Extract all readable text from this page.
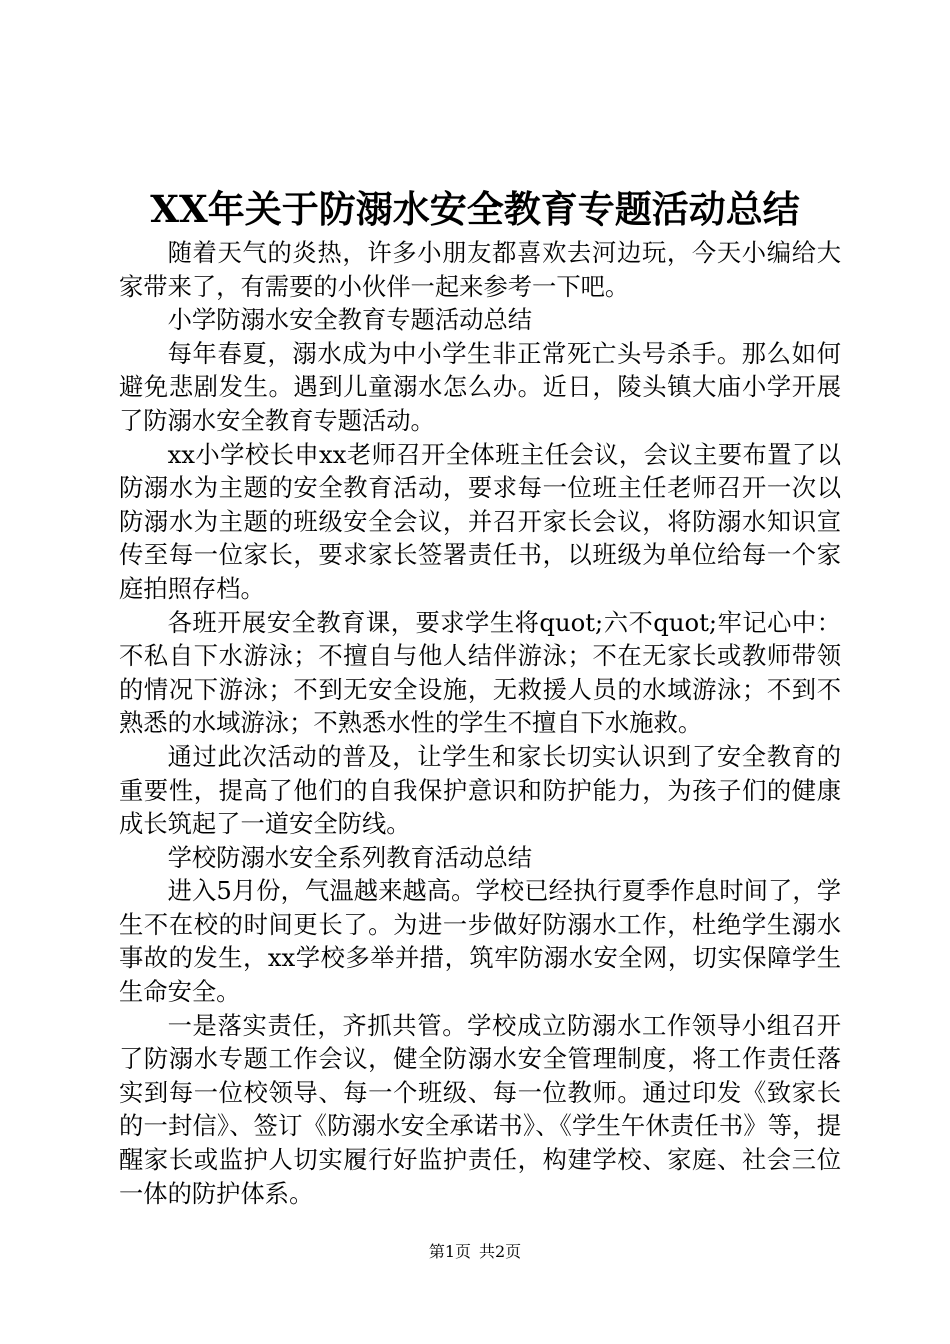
XX年关于防溺水安全教育专题活动总结

随着天气的炎热，许多小朋友都喜欢去河边玩，今天小编给大家带来了，有需要的小伙伴一起来参考一下吧。

小学防溺水安全教育专题活动总结

每年春夏，溺水成为中小学生非正常死亡头号杀手。那么如何避免悲剧发生。遇到儿童溺水怎么办。近日，陵头镇大庙小学开展了防溺水安全教育专题活动。

xx小学校长申xx老师召开全体班主任会议，会议主要布置了以防溺水为主题的安全教育活动，要求每一位班主任老师召开一次以防溺水为主题的班级安全会议，并召开家长会议，将防溺水知识宣传至每一位家长，要求家长签署责任书，以班级为单位给每一个家庭拍照存档。

各班开展安全教育课，要求学生将quot;六不quot;牢记心中：不私自下水游泳；不擅自与他人结伴游泳；不在无家长或教师带领的情况下游泳；不到无安全设施，无救援人员的水域游泳；不到不熟悉的水域游泳；不熟悉水性的学生不擅自下水施救。

通过此次活动的普及，让学生和家长切实认识到了安全教育的重要性，提高了他们的自我保护意识和防护能力，为孩子们的健康成长筑起了一道安全防线。

学校防溺水安全系列教育活动总结

进入5月份，气温越来越高。学校已经执行夏季作息时间了，学生不在校的时间更长了。为进一步做好防溺水工作，杜绝学生溺水事故的发生，xx学校多举并措，筑牢防溺水安全网，切实保障学生生命安全。

一是落实责任，齐抓共管。学校成立防溺水工作领导小组召开了防溺水专题工作会议，健全防溺水安全管理制度，将工作责任落实到每一位校领导、每一个班级、每一位教师。通过印发《致家长的一封信》、签订《防溺水安全承诺书》、《学生午休责任书》等，提醒家长或监护人切实履行好监护责任，构建学校、家庭、社会三位一体的防护体系。

第1页 共2页
